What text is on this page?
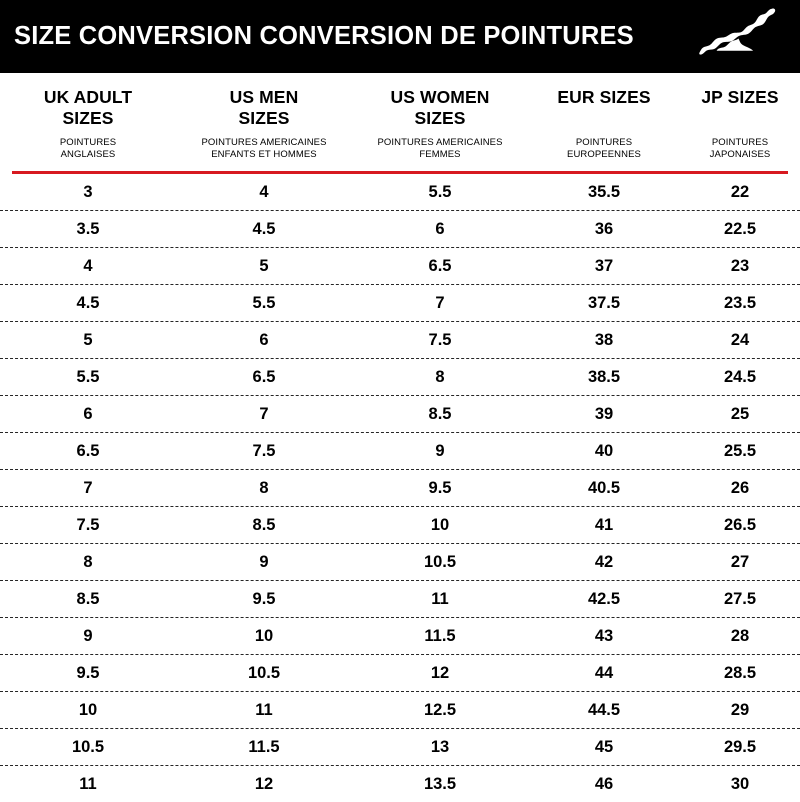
SIZE CONVERSION CONVERSION DE POINTURES
UK ADULT
SIZES
POINTURES
ANGLAISES
US MEN
SIZES
POINTURES AMERICAINES
ENFANTS ET HOMMES
US WOMEN
SIZES
POINTURES AMERICAINES
FEMMES
EUR SIZES
POINTURES
EUROPEENNES
JP SIZES
POINTURES
JAPONAISES
3	4	5.5	35.5	22
3.5	4.5	6	36	22.5
4	5	6.5	37	23
4.5	5.5	7	37.5	23.5
5	6	7.5	38	24
5.5	6.5	8	38.5	24.5
6	7	8.5	39	25
6.5	7.5	9	40	25.5
7	8	9.5	40.5	26
7.5	8.5	10	41	26.5
8	9	10.5	42	27
8.5	9.5	11	42.5	27.5
9	10	11.5	43	28
9.5	10.5	12	44	28.5
10	11	12.5	44.5	29
10.5	11.5	13	45	29.5
11	12	13.5	46	30
